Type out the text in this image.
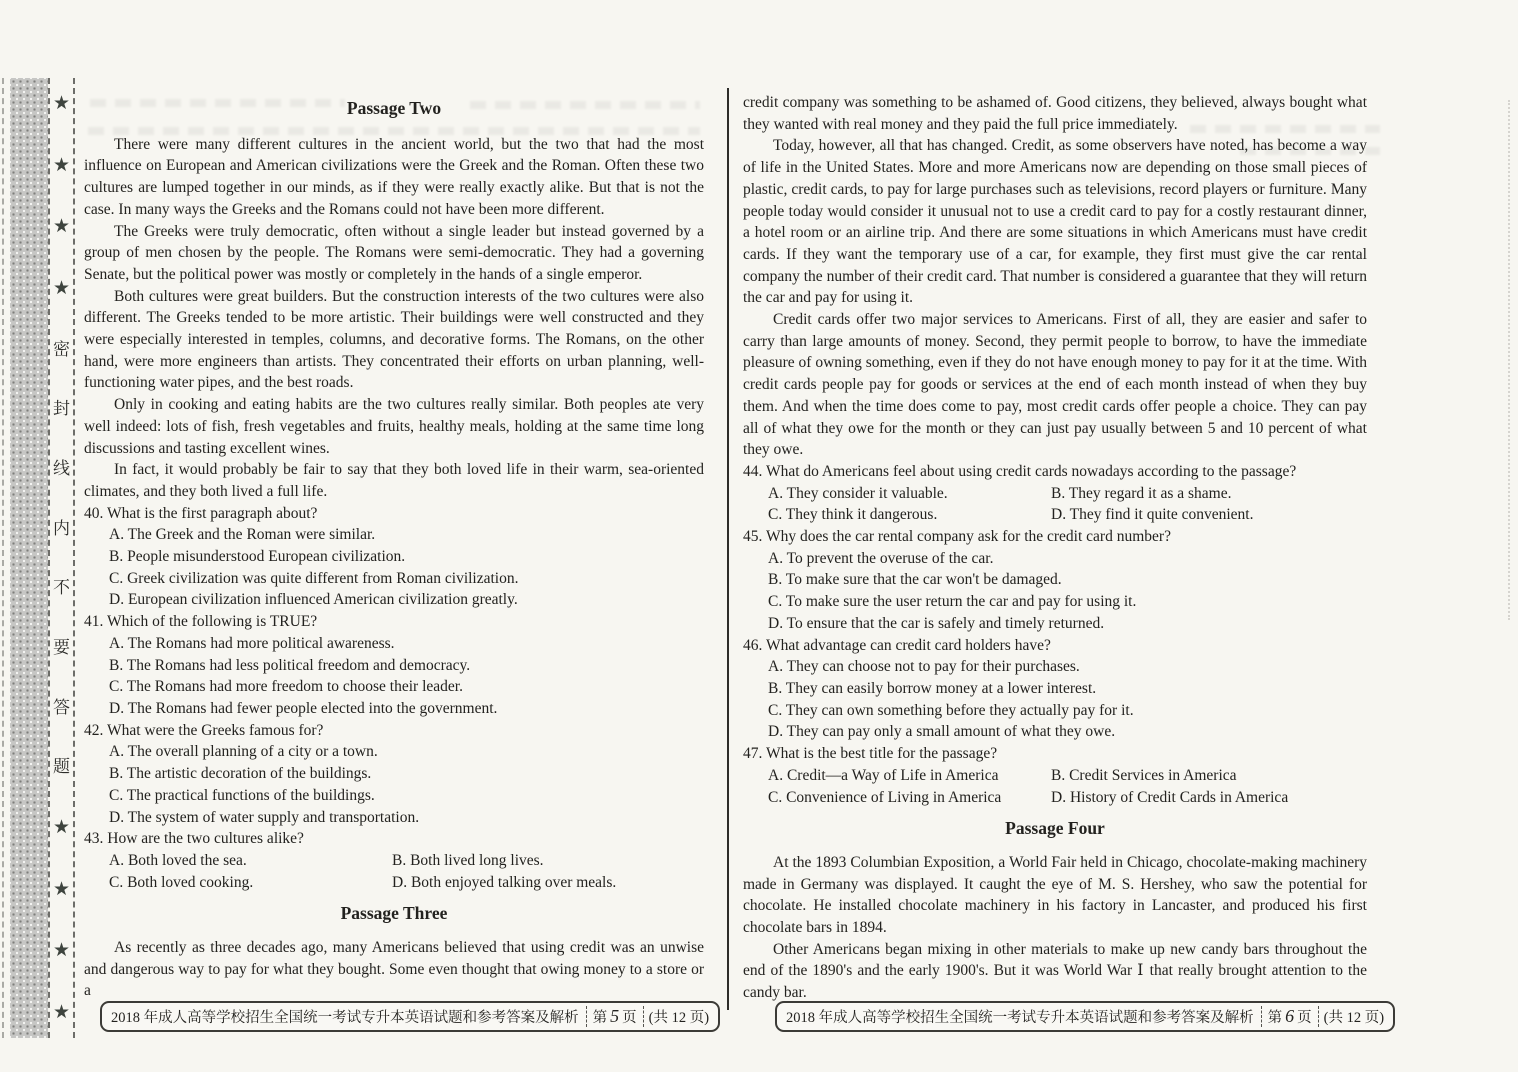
★
★
★
★
密
封
线
内
不
要
答
题
★
★
★
★
Passage Two

There were many different cultures in the ancient world, but the two that had the most influence on European and American civilizations were the Greek and the Roman. Often these two cultures are lumped together in our minds, as if they were really exactly alike. But that is not the case. In many ways the Greeks and the Romans could not have been more different.

The Greeks were truly democratic, often without a single leader but instead governed by a group of men chosen by the people. The Romans were semi-democratic. They had a governing Senate, but the political power was mostly or completely in the hands of a single emperor.

Both cultures were great builders. But the construction interests of the two cultures were also different. The Greeks tended to be more artistic. Their buildings were well constructed and they were especially interested in temples, columns, and decorative forms. The Romans, on the other hand, were more engineers than artists. They concentrated their efforts on urban planning, well-functioning water pipes, and the best roads.

Only in cooking and eating habits are the two cultures really similar. Both peoples ate very well indeed: lots of fish, fresh vegetables and fruits, healthy meals, holding at the same time long discussions and tasting excellent wines.

In fact, it would probably be fair to say that they both loved life in their warm, sea-oriented climates, and they both lived a full life.

40. What is the first paragraph about?
A. The Greek and the Roman were similar.
B. People misunderstood European civilization.
C. Greek civilization was quite different from Roman civilization.
D. European civilization influenced American civilization greatly.
41. Which of the following is TRUE?
A. The Romans had more political awareness.
B. The Romans had less political freedom and democracy.
C. The Romans had more freedom to choose their leader.
D. The Romans had fewer people elected into the government.
42. What were the Greeks famous for?
A. The overall planning of a city or a town.
B. The artistic decoration of the buildings.
C. The practical functions of the buildings.
D. The system of water supply and transportation.
43. How are the two cultures alike?
A. Both loved the sea.	B. Both lived long lives.
C. Both loved cooking.	D. Both enjoyed talking over meals.
Passage Three

As recently as three decades ago, many Americans believed that using credit was an unwise and dangerous way to pay for what they bought. Some even thought that owing money to a store or a

credit company was something to be ashamed of. Good citizens, they believed, always bought what they wanted with real money and they paid the full price immediately.

Today, however, all that has changed. Credit, as some observers have noted, has become a way of life in the United States. More and more Americans now are depending on those small pieces of plastic, credit cards, to pay for large purchases such as televisions, record players or furniture. Many people today would consider it unusual not to use a credit card to pay for a costly restaurant dinner, a hotel room or an airline trip. And there are some situations in which Americans must have credit cards. If they want the temporary use of a car, for example, they first must give the car rental company the number of their credit card. That number is considered a guarantee that they will return the car and pay for using it.

Credit cards offer two major services to Americans. First of all, they are easier and safer to carry than large amounts of money. Second, they permit people to borrow, to have the immediate pleasure of owning something, even if they do not have enough money to pay for it at the time. With credit cards people pay for goods or services at the end of each month instead of when they buy them. And when the time does come to pay, most credit cards offer people a choice. They can pay all of what they owe for the month or they can just pay usually between 5 and 10 percent of what they owe.

44. What do Americans feel about using credit cards nowadays according to the passage?
A. They consider it valuable.	B. They regard it as a shame.
C. They think it dangerous.	D. They find it quite convenient.
45. Why does the car rental company ask for the credit card number?
A. To prevent the overuse of the car.
B. To make sure that the car won't be damaged.
C. To make sure the user return the car and pay for using it.
D. To ensure that the car is safely and timely returned.
46. What advantage can credit card holders have?
A. They can choose not to pay for their purchases.
B. They can easily borrow money at a lower interest.
C. They can own something before they actually pay for it.
D. They can pay only a small amount of what they owe.
47. What is the best title for the passage?
A. Credit—a Way of Life in America	B. Credit Services in America
C. Convenience of Living in America	D. History of Credit Cards in America
Passage Four

At the 1893 Columbian Exposition, a World Fair held in Chicago, chocolate-making machinery made in Germany was displayed. It caught the eye of M. S. Hershey, who saw the potential for chocolate. He installed chocolate machinery in his factory in Lancaster, and produced his first chocolate bars in 1894.

Other Americans began mixing in other materials to make up new candy bars throughout the end of the 1890's and the early 1900's. But it was World War Ⅰ that really brought attention to the candy bar.

2018 年成人高等学校招生全国统一考试专升本英语试题和参考答案及解析 第 5 页 (共 12 页)	2018 年成人高等学校招生全国统一考试专升本英语试题和参考答案及解析 第 6 页 (共 12 页)
